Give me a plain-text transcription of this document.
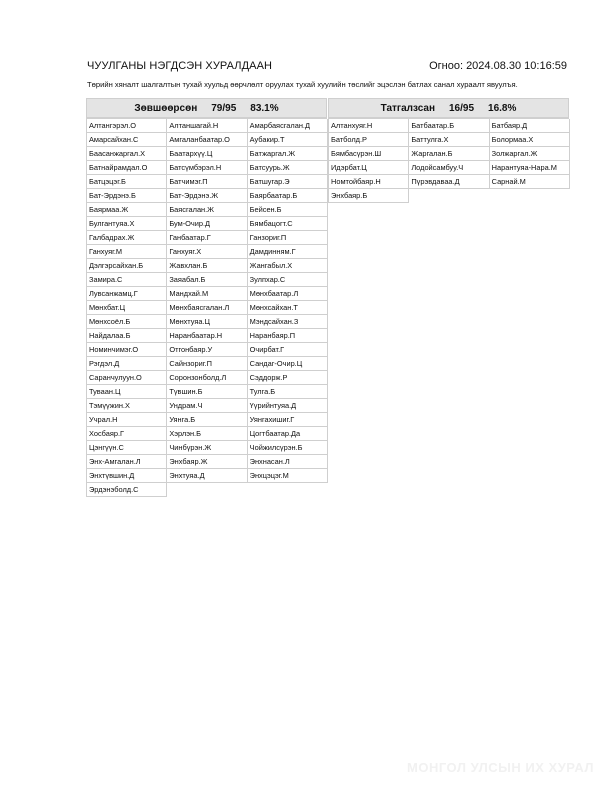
ЧУУЛГАНЫ НЭГДСЭН ХУРАЛДААН	Огноо: 2024.08.30 10:16:59
Төрийн хяналт шалгалтын тухай хуульд өөрчлөлт оруулах тухай хуулийн төслийг эцэслэн батлах санал хураалт явуулъя.
Зөвшөөрсөн 79/95 83.1%
Алтангэрэл.О	Алтаншагай.Н	Амарбаясгалан.Д
Амарсайхан.С	Амгаланбаатар.О	Аубакир.Т
Баасанжаргал.Х	Баатархүү.Ц	Батжаргал.Ж
Батнайрамдал.О	Батсүмбэрэл.Н	Батсуурь.Ж
Батцэцэг.Б	Батчимэг.П	Батшугар.Э
Бат-Эрдэнэ.Б	Бат-Эрдэнэ.Ж	Баярбаатар.Б
Баярмаа.Ж	Баясгалан.Ж	Бейсен.Б
Булгантуяа.Х	Бум-Очир.Д	Бямбацогт.С
Галбадрах.Ж	Ганбаатар.Г	Ганзориг.П
Ганхуяг.М	Ганхуяг.Х	Дамдинням.Г
Дэлгэрсайхан.Б	Жавхлан.Б	Жангабыл.Х
Замира.С	Заяабал.Б	Зулпхар.С
Лувсанжамц.Г	Мандхай.М	Мөнхбаатар.Л
Мөнхбат.Ц	Мөнхбаясгалан.Л	Мөнхсайхан.Т
Мөнхсоёл.Б	Мөнхтуяа.Ц	Мэндсайхан.З
Найдалаа.Б	Наранбаатар.Н	Наранбаяр.П
Номинчимэг.О	Отгонбаяр.У	Очирбат.Г
Рэгдэл.Д	Сайнзориг.П	Сандаг-Очир.Ц
Саранчулуун.О	Соронзонболд.Л	Сэддорж.Р
Туваан.Ц	Түвшин.Б	Тулга.Б
Тэмүүжин.Х	Ундрам.Ч	Үүрийнтуяа.Д
Учрал.Н	Уянга.Б	Уянгахишиг.Г
Хосбаяр.Г	Хэрлэн.Б	Цогтбаатар.Да
Цэнгүүн.С	Чинбүрэн.Ж	Чойжилсүрэн.Б
Энх-Амгалан.Л	Энхбаяр.Ж	Энхнасан.Л
Энхтүвшин.Д	Энхтуяа.Д	Энхцэцэг.М
Эрдэнэболд.С
Татгалзсан 16/95 16.8%
Алтанхуяг.Н	Батбаатар.Б	Батбаяр.Д
Батболд.Р	Баттулга.Х	Болормаа.Х
Бямбасүрэн.Ш	Жаргалан.Б	Золжаргал.Ж
Идэрбат.Ц	Лодойсамбуу.Ч	Нарантуяа-Нара.М
Номтойбаяр.Н	Пүрэвдаваа.Д	Сарнай.М
Энхбаяр.Б
МОНГОЛ УЛСЫН ИХ ХУРАЛ
